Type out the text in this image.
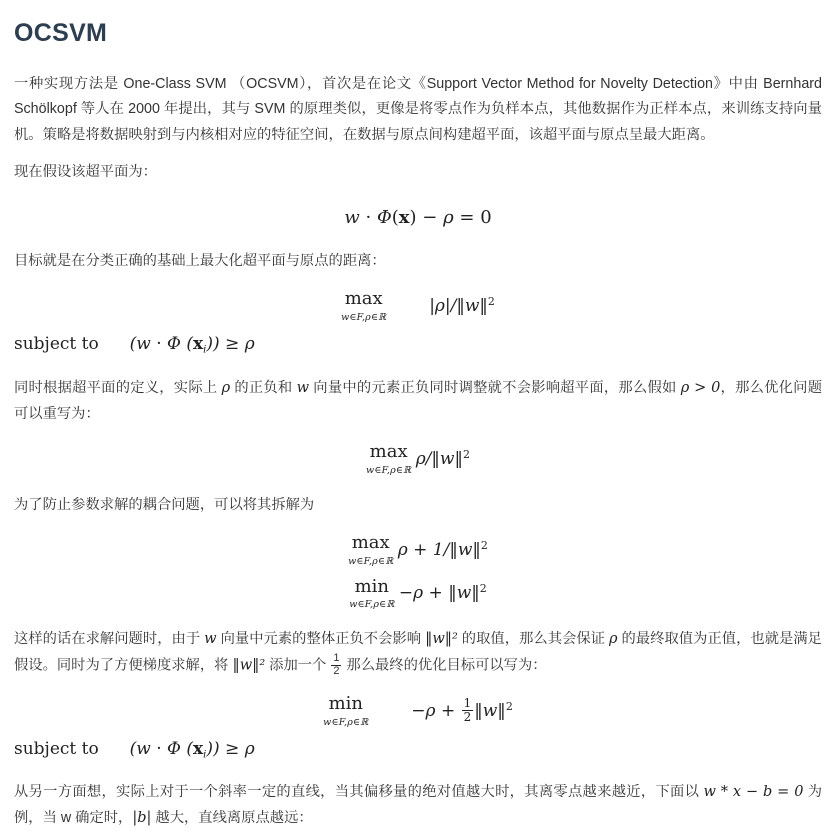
OCSVM

一种实现方法是 One-Class SVM （OCSVM），首次是在论文《Support Vector Method for Novelty Detection》中由 Bernhard Schölkopf 等人在 2000 年提出，其与 SVM 的原理类似，更像是将零点作为负样本点，其他数据作为正样本点，来训练支持向量机。策略是将数据映射到与内核相对应的特征空间，在数据与原点间构建超平面，该超平面与原点呈最大距离。

现在假设该超平面为：

w · Φ(x) − ρ = 0

目标就是在分类正确的基础上最大化超平面与原点的距离：

max
w∈F,ρ∈ℝ  |ρ|/‖w‖$^2$
subject to (w · Φ $(x_i)) \ge \rho$

同时根据超平面的定义，实际上 ρ 的正负和 w 向量中的元素正负同时调整就不会影响超平面，那么假如 ρ > 0，那么优化问题可以重写为：

max
w∈F,ρ∈ℝ ρ/‖w‖$^2$

为了防止参数求解的耦合问题，可以将其拆解为

max
w∈F,ρ∈ℝ ρ + 1/‖w‖$^2$
min
w∈F,ρ∈ℝ −ρ + ‖w‖$^2$

这样的话在求解问题时，由于 w 向量中元素的整体正负不会影响 ‖w‖² 的取值，那么其会保证 ρ 的最终取值为正值，也就是满足假设。同时为了方便梯度求解，将 ‖w‖² 添加一个 $\frac{1}{2}$ 那么最终的优化目标可以写为：

min
w∈F,ρ∈ℝ  $-\rho + \frac{1}{2}$ ‖w‖$^2$
subject to (w · Φ $(x_i)) \ge \rho$

从另一方面想，实际上对于一个斜率一定的直线，当其偏移量的绝对值越大时，其离零点越来越近，下面以 w * x − b = 0 为例，当 w 确定时，|b| 越大，直线离原点越远：
